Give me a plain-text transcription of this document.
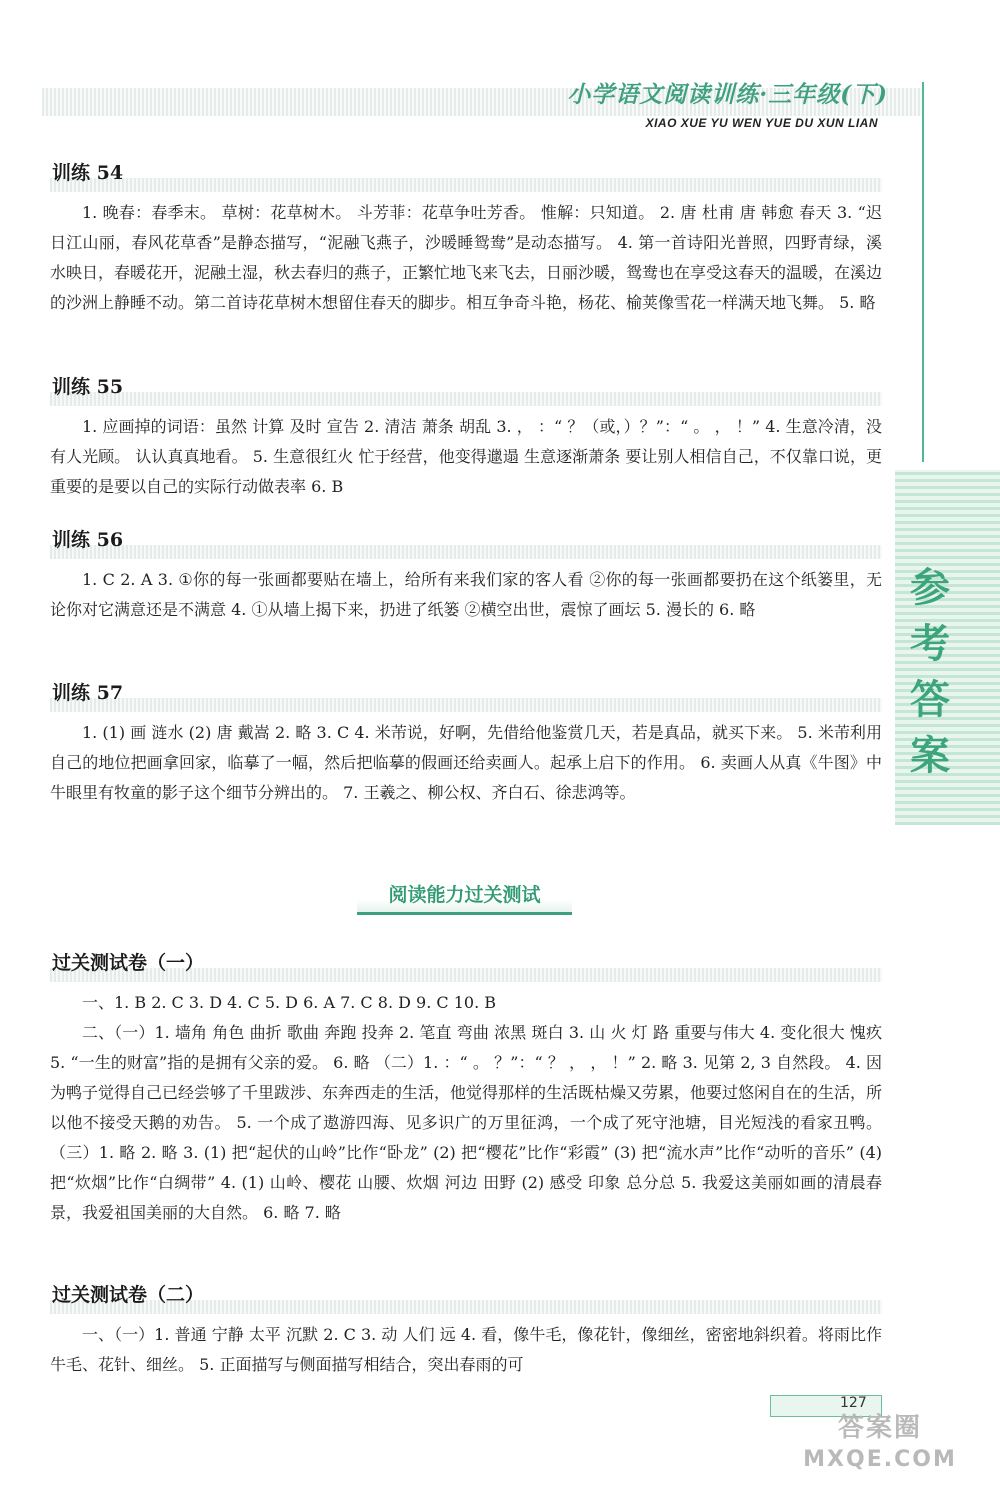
小学语文阅读训练·三年级(下)
XIAO XUE YU WEN YUE DU XUN LIAN
参考答案
训练 54
1. 晚春：春季末。 草树：花草树木。 斗芳菲：花草争吐芳香。 惟解：只知道。 2. 唐 杜甫 唐 韩愈 春天 3. “迟日江山丽，春风花草香”是静态描写，“泥融飞燕子，沙暖睡鸳鸯”是动态描写。 4. 第一首诗阳光普照，四野青绿，溪水映日，春暖花开，泥融土湿，秋去春归的燕子，正繁忙地飞来飞去，日丽沙暖，鸳鸯也在享受这春天的温暖，在溪边的沙洲上静睡不动。第二首诗花草树木想留住春天的脚步。相互争奇斗艳，杨花、榆荚像雪花一样满天地飞舞。 5. 略
训练 55
1. 应画掉的词语：虽然 计算 及时 宣告 2. 清洁 萧条 胡乱 3. ， ：“ ？（或，）？”：“ 。 ， ！” 4. 生意冷清，没有人光顾。 认认真真地看。 5. 生意很红火 忙于经营，他变得邋遢 生意逐渐萧条 要让别人相信自己，不仅靠口说，更重要的是要以自己的实际行动做表率 6. B
训练 56
1. C 2. A 3. ①你的每一张画都要贴在墙上，给所有来我们家的客人看 ②你的每一张画都要扔在这个纸篓里，无论你对它满意还是不满意 4. ①从墙上揭下来，扔进了纸篓 ②横空出世，震惊了画坛 5. 漫长的 6. 略
训练 57
1. (1) 画 涟水 (2) 唐 戴嵩 2. 略 3. C 4. 米芾说，好啊，先借给他鉴赏几天，若是真品，就买下来。 5. 米芾利用自己的地位把画拿回家，临摹了一幅，然后把临摹的假画还给卖画人。起承上启下的作用。 6. 卖画人从真《牛图》中牛眼里有牧童的影子这个细节分辨出的。 7. 王羲之、柳公权、齐白石、徐悲鸿等。
阅读能力过关测试
过关测试卷（一）
一、1. B 2. C 3. D 4. C 5. D 6. A 7. C 8. D 9. C 10. B
二、（一）1. 墙角 角色 曲折 歌曲 奔跑 投奔 2. 笔直 弯曲 浓黑 斑白 3. 山 火 灯 路 重要与伟大 4. 变化很大 愧疚 5. “一生的财富”指的是拥有父亲的爱。 6. 略 （二）1. ：“ 。 ？”：“ ？ ， ， ！” 2. 略 3. 见第 2, 3 自然段。 4. 因为鸭子觉得自己已经尝够了千里跋涉、东奔西走的生活，他觉得那样的生活既枯燥又劳累，他要过悠闲自在的生活，所以他不接受天鹅的劝告。 5. 一个成了遨游四海、见多识广的万里征鸿，一个成了死守池塘，目光短浅的看家丑鸭。 （三）1. 略 2. 略 3. (1) 把“起伏的山岭”比作“卧龙” (2) 把“樱花”比作“彩霞” (3) 把“流水声”比作“动听的音乐” (4) 把“炊烟”比作“白绸带” 4. (1) 山岭、樱花 山腰、炊烟 河边 田野 (2) 感受 印象 总分总 5. 我爱这美丽如画的清晨春景，我爱祖国美丽的大自然。 6. 略 7. 略
过关测试卷（二）
一、（一）1. 普通 宁静 太平 沉默 2. C 3. 动 人们 远 4. 看，像牛毛，像花针，像细丝，密密地斜织着。将雨比作牛毛、花针、细丝。 5. 正面描写与侧面描写相结合，突出春雨的可
127
答案圈
MXQE.COM
